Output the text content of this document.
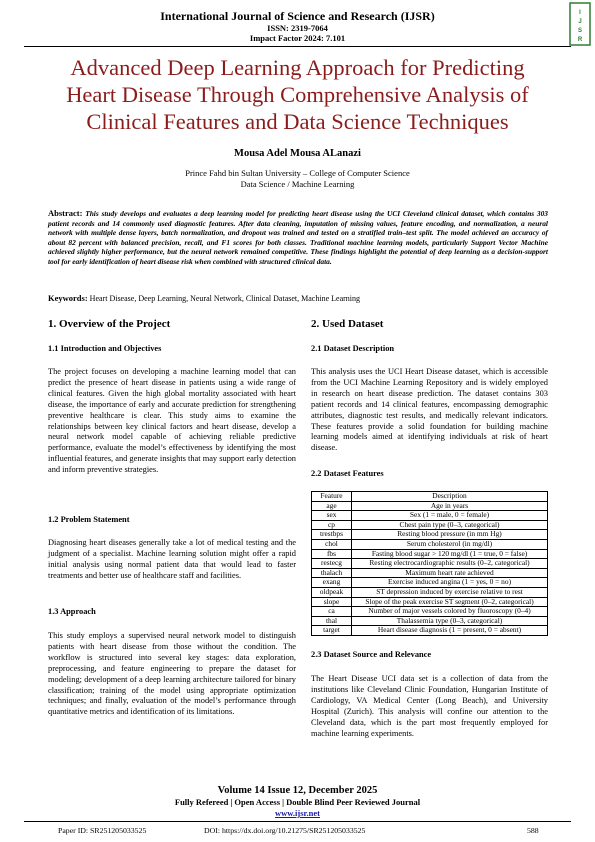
International Journal of Science and Research (IJSR)
ISSN: 2319-7064
Impact Factor 2024: 7.101
I
J
S
R
Advanced Deep Learning Approach for Predicting
Heart Disease Through Comprehensive Analysis of
Clinical Features and Data Science Techniques
Mousa Adel Mousa ALanazi
Prince Fahd bin Sultan University – College of Computer Science
Data Science / Machine Learning
Abstract: This study develops and evaluates a deep learning model for predicting heart disease using the UCI Cleveland clinical dataset, which contains 303 patient records and 14 commonly used diagnostic features. After data cleaning, imputation of missing values, feature encoding, and normalization, a neural network with multiple dense layers, batch normalization, and dropout was trained and tested on a stratified train–test split. The model achieved an accuracy of about 82 percent with balanced precision, recall, and F1 scores for both classes. Traditional machine learning models, particularly Support Vector Machine achieved slightly higher performance, but the neural network remained competitive. These findings highlight the potential of deep learning as a decision-support tool for early identification of heart disease risk when combined with structured clinical data.
Keywords: Heart Disease, Deep Learning, Neural Network, Clinical Dataset, Machine Learning
1. Overview of the Project
1.1 Introduction and Objectives

The project focuses on developing a machine learning model that can predict the presence of heart disease in patients using a wide range of clinical features. Given the high global mortality associated with heart disease, the importance of early and accurate prediction for strengthening preventive healthcare is clear. This study aims to examine the relationships between key clinical factors and heart disease, develop a neural network model capable of achieving reliable predictive performance, evaluate the model’s effectiveness by identifying the most influential features, and generate insights that may support early detection and inform preventive strategies.

1.2 Problem Statement

Diagnosing heart diseases generally take a lot of medical testing and the judgment of a specialist. Machine learning solution might offer a rapid initial analysis using normal patient data that would lead to faster treatments and better use of healthcare staff and facilities.

1.3 Approach

This study employs a supervised neural network model to distinguish patients with heart disease from those without the condition. The workflow is structured into several key stages: data exploration, preprocessing, and feature engineering to prepare the dataset for modeling; development of a deep learning architecture tailored for binary classification; training of the model using appropriate optimization techniques; and finally, evaluation of the model’s performance through quantitative metrics and identification of its limitations.

2. Used Dataset
2.1 Dataset Description

This analysis uses the UCI Heart Disease dataset, which is accessible from the UCI Machine Learning Repository and is widely employed in research on heart disease prediction. The dataset contains 303 patient records and 14 clinical features, encompassing demographic attributes, diagnostic test results, and medically relevant indicators. These features provide a solid foundation for building machine learning models aimed at identifying individuals at risk of heart disease.

2.2 Dataset Features
Feature	Description
age	Age in years
sex	Sex (1 = male, 0 = female)
cp	Chest pain type (0–3, categorical)
trestbps	Resting blood pressure (in mm Hg)
chol	Serum cholesterol (in mg/dl)
fbs	Fasting blood sugar > 120 mg/dl (1 = true, 0 = false)
restecg	Resting electrocardiographic results (0–2, categorical)
thalach	Maximum heart rate achieved
exang	Exercise induced angina (1 = yes, 0 = no)
oldpeak	ST depression induced by exercise relative to rest
slope	Slope of the peak exercise ST segment (0–2, categorical)
ca	Number of major vessels colored by fluoroscopy (0–4)
thal	Thalassemia type (0–3, categorical)
target	Heart disease diagnosis (1 = present, 0 = absent)
2.3 Dataset Source and Relevance

The Heart Disease UCI data set is a collection of data from the institutions like Cleveland Clinic Foundation, Hungarian Institute of Cardiology, VA Medical Center (Long Beach), and University Hospital (Zurich). This analysis will confine our attention to the Cleveland data, which is the part most frequently employed for machine learning experiments.

Volume 14 Issue 12, December 2025
Fully Refereed | Open Access | Double Blind Peer Reviewed Journal
www.ijsr.net
Paper ID: SR251205033525	DOI: https://dx.doi.org/10.21275/SR251205033525	588
